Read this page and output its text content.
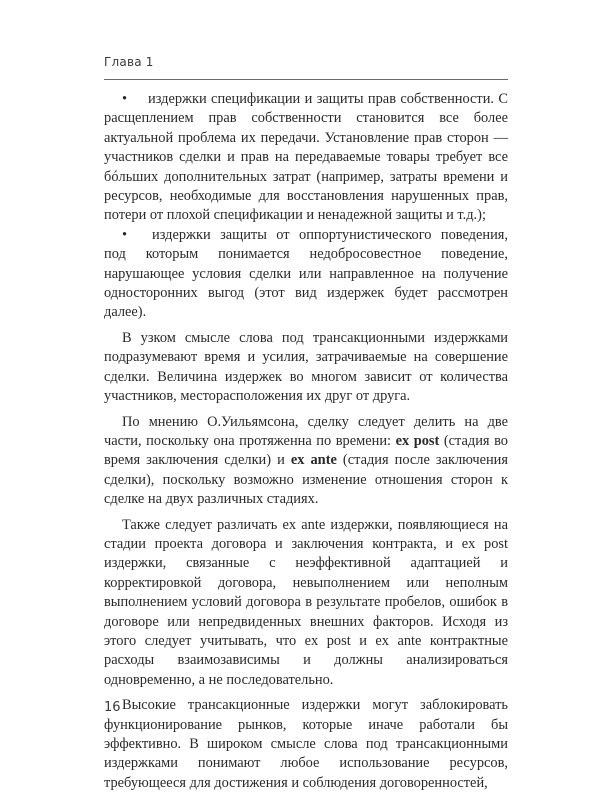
Глава 1

• издержки спецификации и защиты прав собственности. С расщеплением прав собственности становится все более актуальной проблема их передачи. Установление прав сторон — участников сделки и прав на передаваемые товары требует все бóльших дополнительных затрат (например, затраты времени и ресурсов, необходимые для восстановления нарушенных прав, потери от плохой спецификации и ненадежной защиты и т.д.);

• издержки защиты от оппортунистического поведения, под которым понимается недобросовестное поведение, нарушающее условия сделки или направленное на получение односторонних выгод (этот вид издержек будет рассмотрен далее).

В узком смысле слова под трансакционными издержками подразумевают время и усилия, затрачиваемые на совершение сделки. Величина издержек во многом зависит от количества участников, месторасположения их друг от друга.

По мнению О.Уильямсона, сделку следует делить на две части, поскольку она протяженна по времени: ex post (стадия во время заключения сделки) и ex ante (стадия после заключения сделки), поскольку возможно изменение отношения сторон к сделке на двух различных стадиях.

Также следует различать ex ante издержки, появляющиеся на стадии проекта договора и заключения контракта, и ex post издержки, связанные с неэффективной адаптацией и корректировкой договора, невыполнением или неполным выполнением условий договора в результате пробелов, ошибок в договоре или непредвиденных внешних факторов. Исходя из этого следует учитывать, что ex post и ex ante контрактные расходы взаимозависимы и должны анализироваться одновременно, а не последовательно.

Высокие трансакционные издержки могут заблокировать функционирование рынков, которые иначе работали бы эффективно. В широком смысле слова под трансакционными издержками понимают любое использование ресурсов, требующееся для достижения и соблюдения договоренностей,

16
